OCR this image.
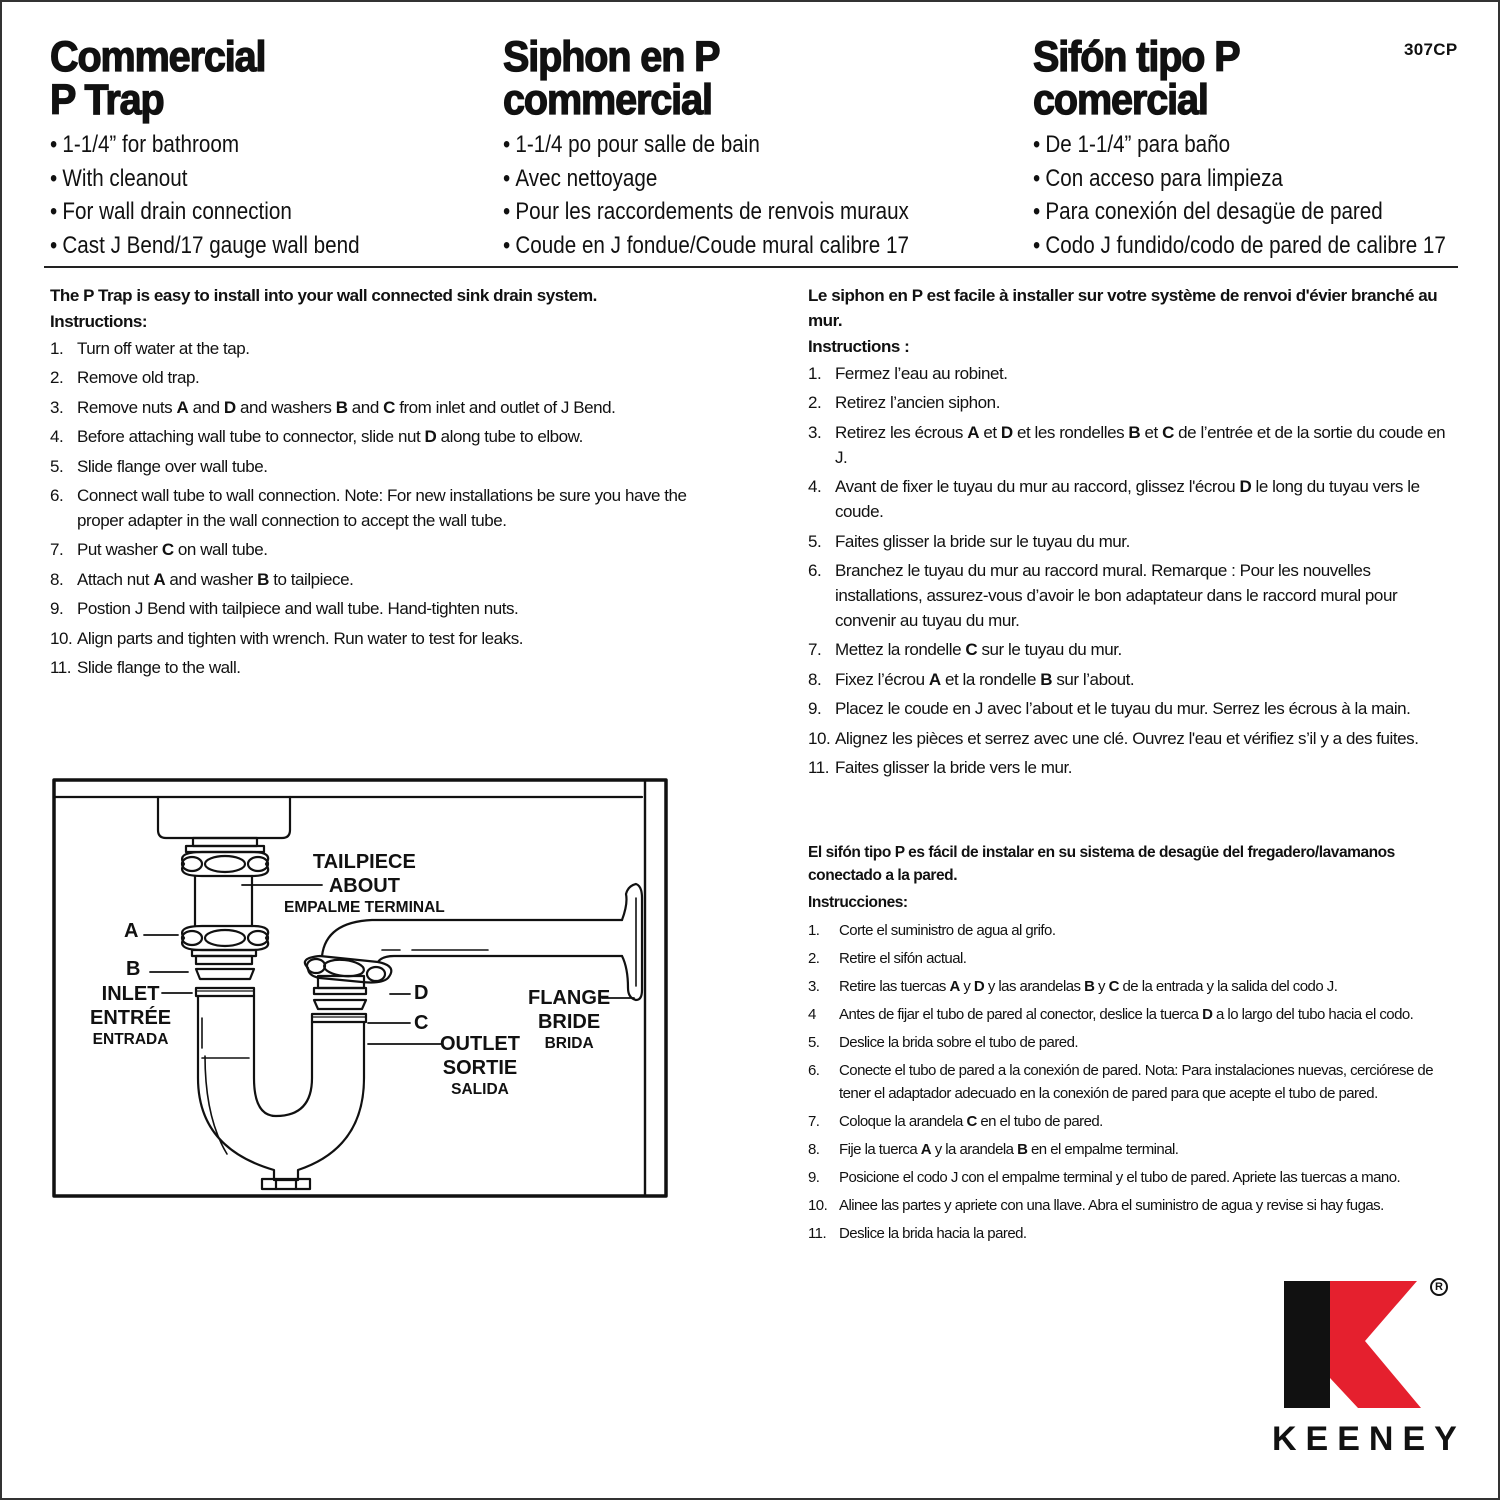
307CP
Commercial
P Trap
• 1-1/4” for bathroom
• With cleanout
• For wall drain connection
• Cast J Bend/17 gauge wall bend
Siphon en P
commercial
• 1-1/4 po pour salle de bain
• Avec nettoyage
• Pour les raccordements de renvois muraux
• Coude en J fondue/Coude mural calibre 17
Sifón tipo P
comercial
• De 1-1/4” para baño
• Con acceso para limpieza
• Para conexión del desagüe de pared
• Codo J fundido/codo de pared de calibre 17
The P Trap is easy to install into your wall connected sink drain system.
Instructions:
1. Turn off water at the tap.
2. Remove old trap.
3. Remove nuts A and D and washers B and C from inlet and outlet of J Bend.
4. Before attaching wall tube to connector, slide nut D along tube to elbow.
5. Slide flange over wall tube.
6. Connect wall tube to wall connection. Note: For new installations be sure you have the proper adapter in the wall connection to accept the wall tube.
7. Put washer C on wall tube.
8. Attach nut A and washer B to tailpiece.
9. Postion J Bend with tailpiece and wall tube. Hand-tighten nuts.
10. Align parts and tighten with wrench. Run water to test for leaks.
11. Slide flange to the wall.
Le siphon en P est facile à installer sur votre système de renvoi d'évier branché au mur.
Instructions :
1. Fermez l’eau au robinet.
2. Retirez l’ancien siphon.
3. Retirez les écrous A et D et les rondelles B et C de l’entrée et de la sortie du coude en J.
4. Avant de fixer le tuyau du mur au raccord, glissez l'écrou D le long du tuyau vers le coude.
5. Faites glisser la bride sur le tuyau du mur.
6. Branchez le tuyau du mur au raccord mural. Remarque : Pour les nouvelles installations, assurez-vous d’avoir le bon adaptateur dans le raccord mural pour convenir au tuyau du mur.
7. Mettez la rondelle C sur le tuyau du mur.
8. Fixez l’écrou A et la rondelle B sur l’about.
9. Placez le coude en J avec l’about et le tuyau du mur. Serrez les écrous à la main.
10. Alignez les pièces et serrez avec une clé. Ouvrez l'eau et vérifiez s’il y a des fuites.
11. Faites glisser la bride vers le mur.
El sifón tipo P es fácil de instalar en su sistema de desagüe del fregadero/lavamanos conectado a la pared.
Instrucciones:
1.	Corte el suministro de agua al grifo.
2.	Retire el sifón actual.
3.	Retire las tuercas A y D y las arandelas B y C de la entrada y la salida del codo J.
4	Antes de fijar el tubo de pared al conector, deslice la tuerca D a lo largo del tubo hacia el codo.
5.	Deslice la brida sobre el tubo de pared.
6.	Conecte el tubo de pared a la conexión de pared. Nota: Para instalaciones nuevas, cerciórese de tener el adaptador adecuado en la conexión de pared para que acepte el tubo de pared.
7.	Coloque la arandela C en el tubo de pared.
8.	Fije la tuerca A y la arandela B en el empalme terminal.
9.	Posicione el codo J con el empalme terminal y el tubo de pared. Apriete las tuercas a mano.
10. Alinee las partes y apriete con una llave. Abra el suministro de agua y revise si hay fugas.
11. Deslice la brida hacia la pared.
TAILPIECE
ABOUT
EMPALME TERMINAL
A
B
INLET
ENTRÉE
ENTRADA
D
C
OUTLET
SORTIE
SALIDA
FLANGE
BRIDE
BRIDA
R
KEENEY
